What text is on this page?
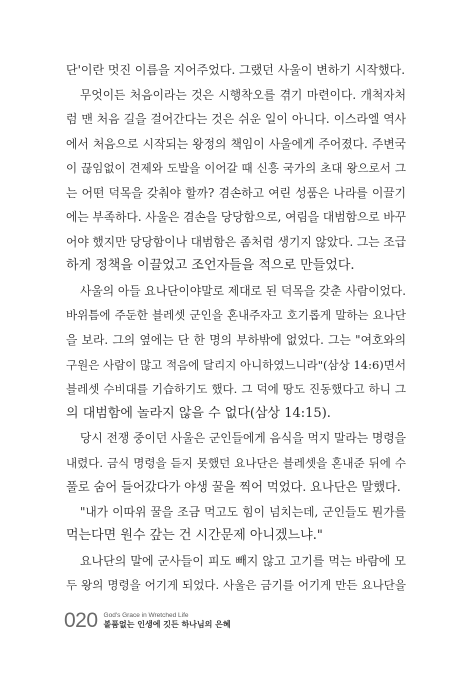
단'이란 멋진 이름을 지어주었다. 그랬던 사울이 변하기 시작했다.
무엇이든 처음이라는 것은 시행착오를 겪기 마련이다. 개척자처
럼 맨 처음 길을 걸어간다는 것은 쉬운 일이 아니다. 이스라엘 역사
에서 처음으로 시작되는 왕정의 책임이 사울에게 주어졌다. 주변국
이 끊임없이 견제와 도발을 이어갈 때 신흥 국가의 초대 왕으로서 그
는 어떤 덕목을 갖춰야 할까? 겸손하고 여린 성품은 나라를 이끌기
에는 부족하다. 사울은 겸손을 당당함으로, 여림을 대범함으로 바꾸
어야 했지만 당당함이나 대범함은 좀처럼 생기지 않았다. 그는 조급
하게 정책을 이끌었고 조언자들을 적으로 만들었다.
사울의 아들 요나단이야말로 제대로 된 덕목을 갖춘 사람이었다.
바위틈에 주둔한 블레셋 군인을 혼내주자고 호기롭게 말하는 요나단
을 보라. 그의 옆에는 단 한 명의 부하밖에 없었다. 그는 "여호와의
구원은 사람이 많고 적음에 달리지 아니하였느니라"(삼상 14:6)면서
블레셋 수비대를 기습하기도 했다. 그 덕에 땅도 진동했다고 하니 그
의 대범함에 놀라지 않을 수 없다(삼상 14:15).
당시 전쟁 중이던 사울은 군인들에게 음식을 먹지 말라는 명령을
내렸다. 금식 명령을 듣지 못했던 요나단은 블레셋을 혼내준 뒤에 수
풀로 숨어 들어갔다가 야생 꿀을 찍어 먹었다. 요나단은 말했다.
"내가 이따위 꿀을 조금 먹고도 힘이 넘치는데, 군인들도 뭔가를
먹는다면 원수 갚는 건 시간문제 아니겠느냐."
요나단의 말에 군사들이 피도 빼지 않고 고기를 먹는 바람에 모
두 왕의 명령을 어기게 되었다. 사울은 금기를 어기게 만든 요나단을
020 God's Grace in Wretched Life
볼품없는 인생에 깃든 하나님의 은혜
